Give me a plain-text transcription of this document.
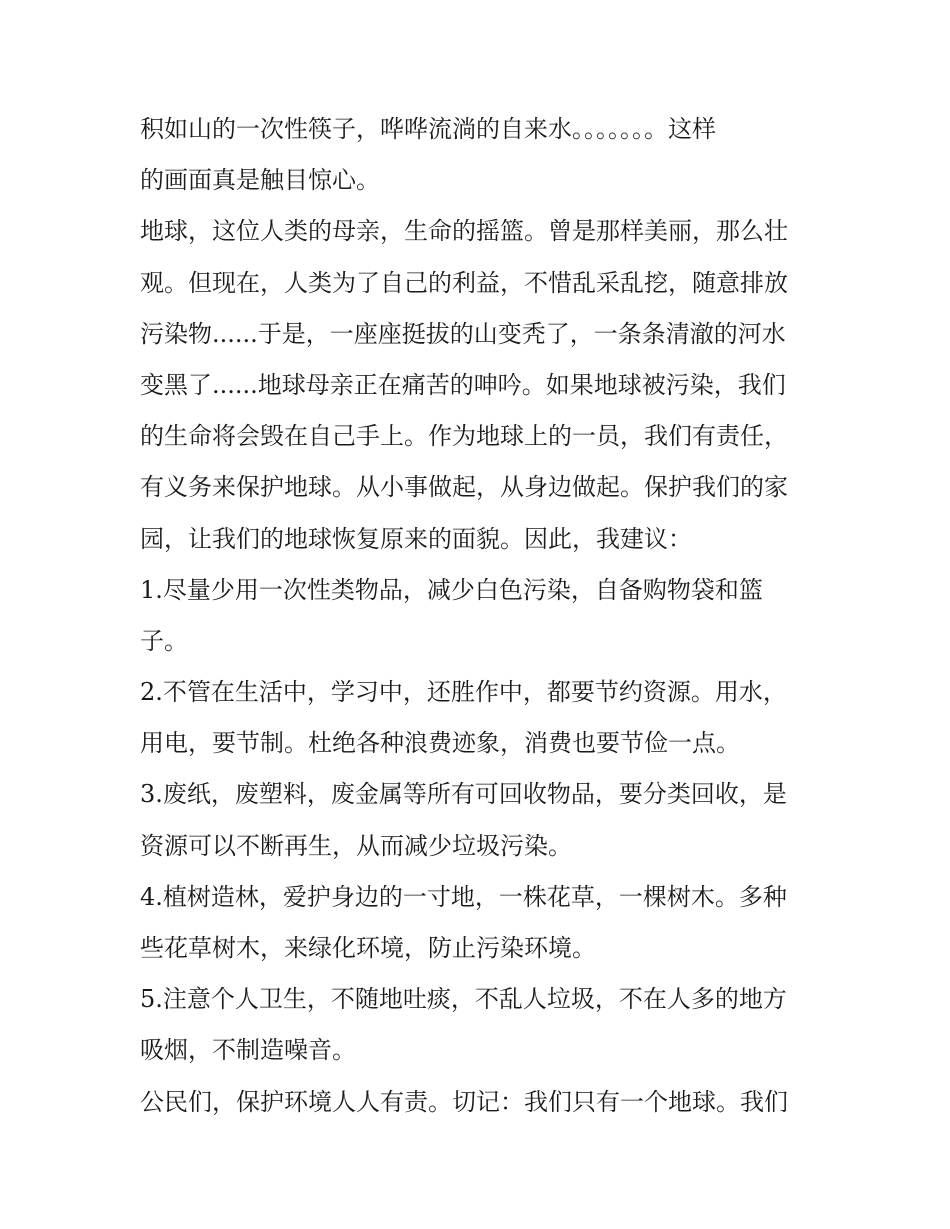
积如山的一次性筷子，哗哗流淌的自来水。。。。。。。这样
的画面真是触目惊心。
地球，这位人类的母亲，生命的摇篮。曾是那样美丽，那么壮
观。但现在，人类为了自己的利益，不惜乱采乱挖，随意排放
污染物......于是，一座座挺拔的山变秃了，一条条清澈的河水
变黑了......地球母亲正在痛苦的呻吟。如果地球被污染，我们
的生命将会毁在自己手上。作为地球上的一员，我们有责任，
有义务来保护地球。从小事做起，从身边做起。保护我们的家
园，让我们的地球恢复原来的面貌。因此，我建议：
1.尽量少用一次性类物品，减少白色污染，自备购物袋和篮
子。
2.不管在生活中，学习中，还胜作中，都要节约资源。用水，
用电，要节制。杜绝各种浪费迹象，消费也要节俭一点。
3.废纸，废塑料，废金属等所有可回收物品，要分类回收，是
资源可以不断再生，从而减少垃圾污染。
4.植树造林，爱护身边的一寸地，一株花草，一棵树木。多种
些花草树木，来绿化环境，防止污染环境。
5.注意个人卫生，不随地吐痰，不乱人垃圾，不在人多的地方
吸烟，不制造噪音。
公民们，保护环境人人有责。切记：我们只有一个地球。我们
